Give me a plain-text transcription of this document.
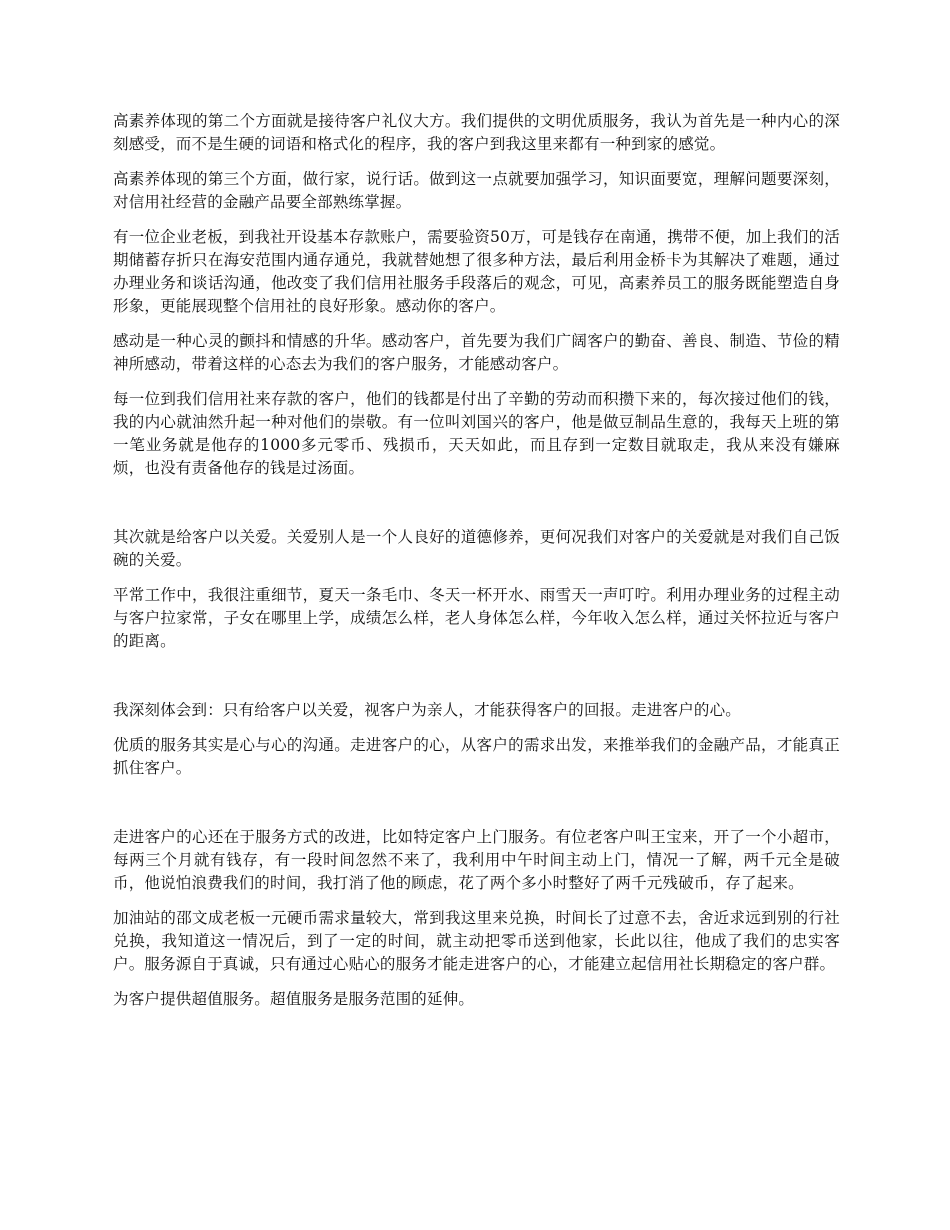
高素养体现的第二个方面就是接待客户礼仪大方。我们提供的文明优质服务，我认为首先是一种内心的深刻感受，而不是生硬的词语和格式化的程序，我的客户到我这里来都有一种到家的感觉。

高素养体现的第三个方面，做行家，说行话。做到这一点就要加强学习，知识面要宽，理解问题要深刻，对信用社经营的金融产品要全部熟练掌握。

有一位企业老板，到我社开设基本存款账户，需要验资50万，可是钱存在南通，携带不便，加上我们的活期储蓄存折只在海安范围内通存通兑，我就替她想了很多种方法，最后利用金桥卡为其解决了难题，通过办理业务和谈话沟通，他改变了我们信用社服务手段落后的观念，可见，高素养员工的服务既能塑造自身形象，更能展现整个信用社的良好形象。感动你的客户。

感动是一种心灵的颤抖和情感的升华。感动客户，首先要为我们广阔客户的勤奋、善良、制造、节俭的精神所感动，带着这样的心态去为我们的客户服务，才能感动客户。

每一位到我们信用社来存款的客户，他们的钱都是付出了辛勤的劳动而积攒下来的，每次接过他们的钱，我的内心就油然升起一种对他们的崇敬。有一位叫刘国兴的客户，他是做豆制品生意的，我每天上班的第一笔业务就是他存的1000多元零币、残损币，天天如此，而且存到一定数目就取走，我从来没有嫌麻烦，也没有责备他存的钱是过汤面。

其次就是给客户以关爱。关爱别人是一个人良好的道德修养，更何况我们对客户的关爱就是对我们自己饭碗的关爱。

平常工作中，我很注重细节，夏天一条毛巾、冬天一杯开水、雨雪天一声叮咛。利用办理业务的过程主动与客户拉家常，子女在哪里上学，成绩怎么样，老人身体怎么样，今年收入怎么样，通过关怀拉近与客户的距离。

我深刻体会到：只有给客户以关爱，视客户为亲人，才能获得客户的回报。走进客户的心。

优质的服务其实是心与心的沟通。走进客户的心，从客户的需求出发，来推举我们的金融产品，才能真正抓住客户。

走进客户的心还在于服务方式的改进，比如特定客户上门服务。有位老客户叫王宝来，开了一个小超市，每两三个月就有钱存，有一段时间忽然不来了，我利用中午时间主动上门，情况一了解，两千元全是破币，他说怕浪费我们的时间，我打消了他的顾虑，花了两个多小时整好了两千元残破币，存了起来。

加油站的邵文成老板一元硬币需求量较大，常到我这里来兑换，时间长了过意不去，舍近求远到别的行社兑换，我知道这一情况后，到了一定的时间，就主动把零币送到他家，长此以往，他成了我们的忠实客户。服务源自于真诚，只有通过心贴心的服务才能走进客户的心，才能建立起信用社长期稳定的客户群。

为客户提供超值服务。超值服务是服务范围的延伸。
